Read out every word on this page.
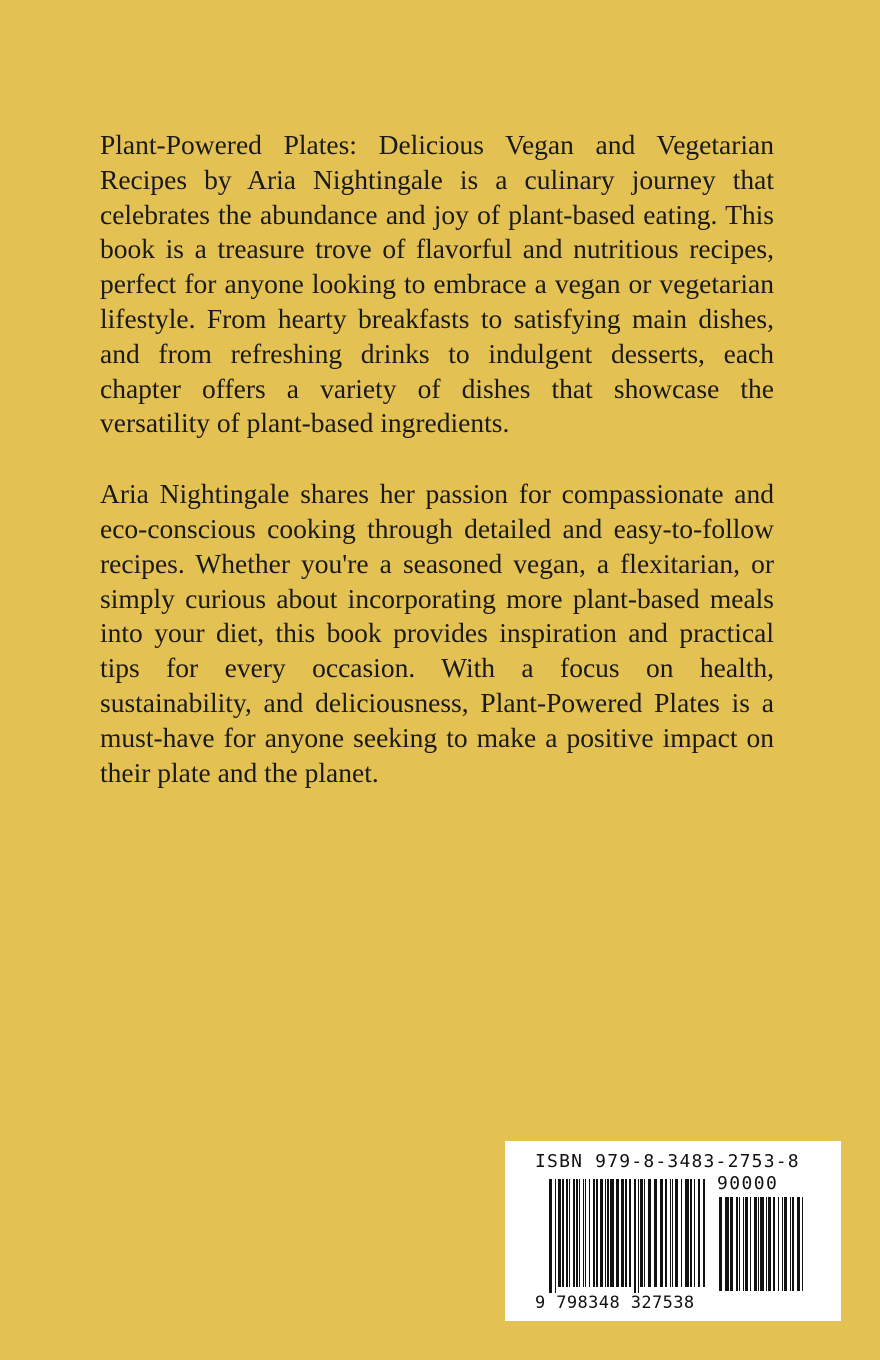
Plant-Powered Plates: Delicious Vegan and Vegetarian Recipes by Aria Nightingale is a culinary journey that celebrates the abundance and joy of plant-based eating. This book is a treasure trove of flavorful and nutritious recipes, perfect for anyone looking to embrace a vegan or vegetarian lifestyle. From hearty breakfasts to satisfying main dishes, and from refreshing drinks to indulgent desserts, each chapter offers a variety of dishes that showcase the versatility of plant-based ingredients.

Aria Nightingale shares her passion for compassionate and eco-conscious cooking through detailed and easy-to-follow recipes. Whether you're a seasoned vegan, a flexitarian, or simply curious about incorporating more plant-based meals into your diet, this book provides inspiration and practical tips for every occasion. With a focus on health, sustainability, and deliciousness, Plant-Powered Plates is a must-have for anyone seeking to make a positive impact on their plate and the planet.

ISBN 979-8-3483-2753-8
90000
9 798348 327538
